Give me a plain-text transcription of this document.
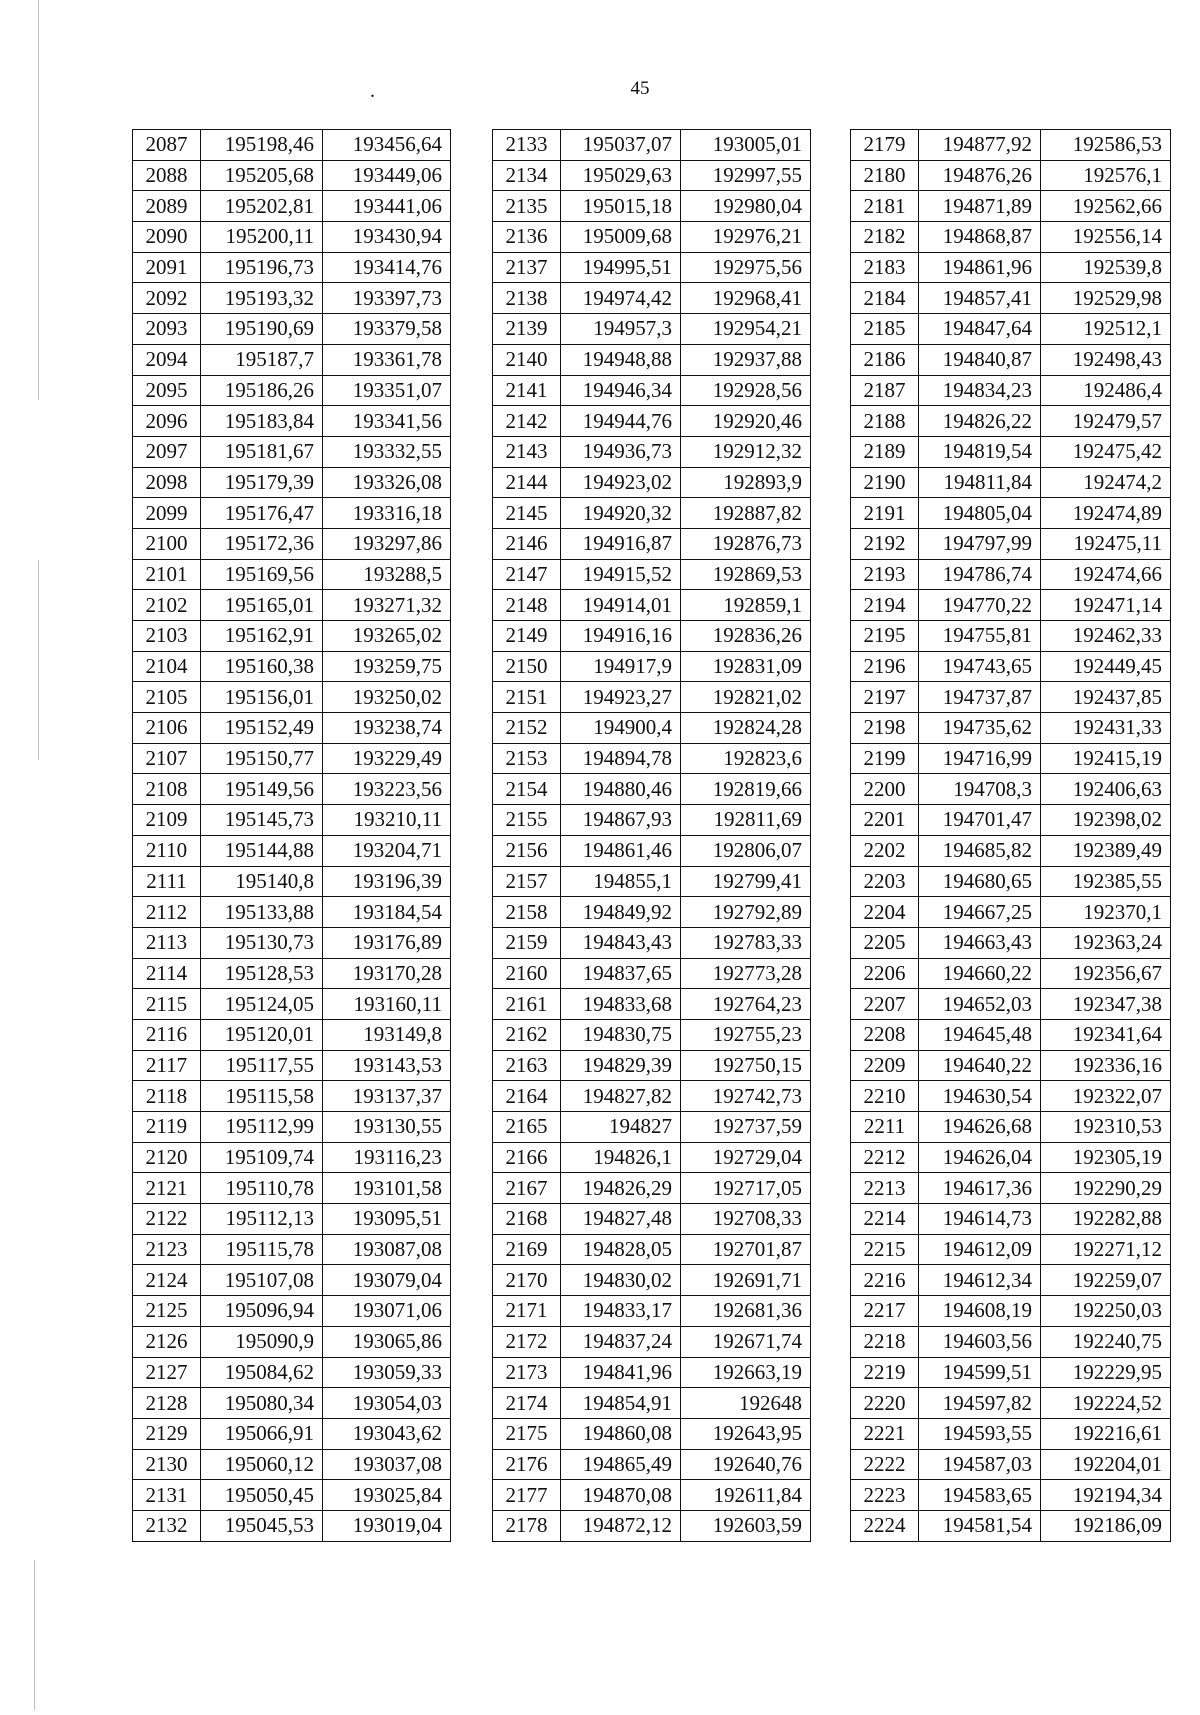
.	45
2087	195198,46	193456,64
2088	195205,68	193449,06
2089	195202,81	193441,06
2090	195200,11	193430,94
2091	195196,73	193414,76
2092	195193,32	193397,73
2093	195190,69	193379,58
2094	195187,7	193361,78
2095	195186,26	193351,07
2096	195183,84	193341,56
2097	195181,67	193332,55
2098	195179,39	193326,08
2099	195176,47	193316,18
2100	195172,36	193297,86
2101	195169,56	193288,5
2102	195165,01	193271,32
2103	195162,91	193265,02
2104	195160,38	193259,75
2105	195156,01	193250,02
2106	195152,49	193238,74
2107	195150,77	193229,49
2108	195149,56	193223,56
2109	195145,73	193210,11
2110	195144,88	193204,71
2111	195140,8	193196,39
2112	195133,88	193184,54
2113	195130,73	193176,89
2114	195128,53	193170,28
2115	195124,05	193160,11
2116	195120,01	193149,8
2117	195117,55	193143,53
2118	195115,58	193137,37
2119	195112,99	193130,55
2120	195109,74	193116,23
2121	195110,78	193101,58
2122	195112,13	193095,51
2123	195115,78	193087,08
2124	195107,08	193079,04
2125	195096,94	193071,06
2126	195090,9	193065,86
2127	195084,62	193059,33
2128	195080,34	193054,03
2129	195066,91	193043,62
2130	195060,12	193037,08
2131	195050,45	193025,84
2132	195045,53	193019,04
2133	195037,07	193005,01
2134	195029,63	192997,55
2135	195015,18	192980,04
2136	195009,68	192976,21
2137	194995,51	192975,56
2138	194974,42	192968,41
2139	194957,3	192954,21
2140	194948,88	192937,88
2141	194946,34	192928,56
2142	194944,76	192920,46
2143	194936,73	192912,32
2144	194923,02	192893,9
2145	194920,32	192887,82
2146	194916,87	192876,73
2147	194915,52	192869,53
2148	194914,01	192859,1
2149	194916,16	192836,26
2150	194917,9	192831,09
2151	194923,27	192821,02
2152	194900,4	192824,28
2153	194894,78	192823,6
2154	194880,46	192819,66
2155	194867,93	192811,69
2156	194861,46	192806,07
2157	194855,1	192799,41
2158	194849,92	192792,89
2159	194843,43	192783,33
2160	194837,65	192773,28
2161	194833,68	192764,23
2162	194830,75	192755,23
2163	194829,39	192750,15
2164	194827,82	192742,73
2165	194827	192737,59
2166	194826,1	192729,04
2167	194826,29	192717,05
2168	194827,48	192708,33
2169	194828,05	192701,87
2170	194830,02	192691,71
2171	194833,17	192681,36
2172	194837,24	192671,74
2173	194841,96	192663,19
2174	194854,91	192648
2175	194860,08	192643,95
2176	194865,49	192640,76
2177	194870,08	192611,84
2178	194872,12	192603,59
2179	194877,92	192586,53
2180	194876,26	192576,1
2181	194871,89	192562,66
2182	194868,87	192556,14
2183	194861,96	192539,8
2184	194857,41	192529,98
2185	194847,64	192512,1
2186	194840,87	192498,43
2187	194834,23	192486,4
2188	194826,22	192479,57
2189	194819,54	192475,42
2190	194811,84	192474,2
2191	194805,04	192474,89
2192	194797,99	192475,11
2193	194786,74	192474,66
2194	194770,22	192471,14
2195	194755,81	192462,33
2196	194743,65	192449,45
2197	194737,87	192437,85
2198	194735,62	192431,33
2199	194716,99	192415,19
2200	194708,3	192406,63
2201	194701,47	192398,02
2202	194685,82	192389,49
2203	194680,65	192385,55
2204	194667,25	192370,1
2205	194663,43	192363,24
2206	194660,22	192356,67
2207	194652,03	192347,38
2208	194645,48	192341,64
2209	194640,22	192336,16
2210	194630,54	192322,07
2211	194626,68	192310,53
2212	194626,04	192305,19
2213	194617,36	192290,29
2214	194614,73	192282,88
2215	194612,09	192271,12
2216	194612,34	192259,07
2217	194608,19	192250,03
2218	194603,56	192240,75
2219	194599,51	192229,95
2220	194597,82	192224,52
2221	194593,55	192216,61
2222	194587,03	192204,01
2223	194583,65	192194,34
2224	194581,54	192186,09
